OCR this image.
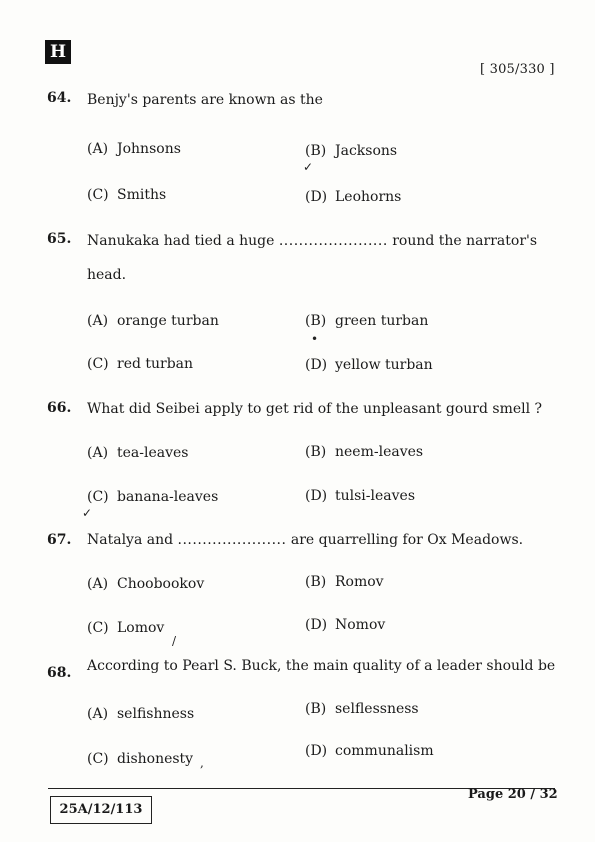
H
[ 305/330 ]
64. Benjy's parents are known as the
(A) Johnsons	(B) Jacksons
(C) Smiths	(D) Leohorns
65. Nanukaka had tied a huge ...................... round the narrator's
head.
(A) orange turban	(B) green turban
(C) red turban	(D) yellow turban
66. What did Seibei apply to get rid of the unpleasant gourd smell ?
(A) tea-leaves	(B) neem-leaves
(C) banana-leaves	(D) tulsi-leaves
67. Natalya and ...................... are quarrelling for Ox Meadows.
(A) Choobookov	(B) Romov
(C) Lomov	(D) Nomov
68. According to Pearl S. Buck, the main quality of a leader should be
(A) selfishness	(B) selflessness
(C) dishonesty	(D) communalism
✓
•
✓
/
,
25A/12/113
Page 20 / 32
